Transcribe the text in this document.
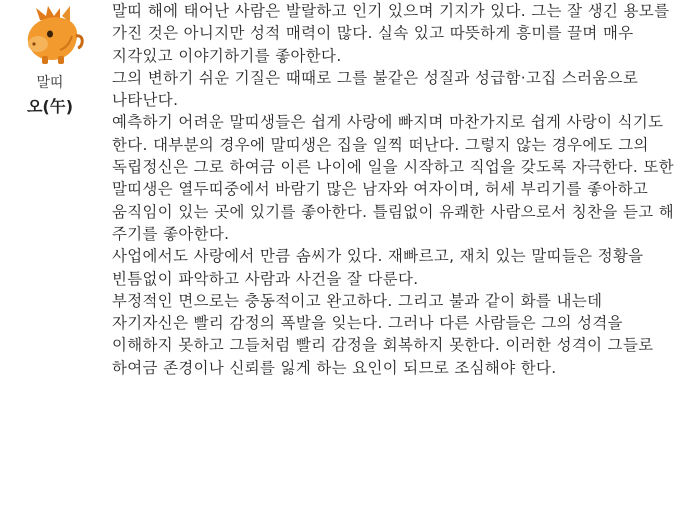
말띠
오(午)

말띠 해에 태어난 사람은 발랄하고 인기 있으며 기지가 있다. 그는 잘 생긴 용모를 가진 것은 아니지만 성적 매력이 많다. 실속 있고 따뜻하게 흥미를 끌며 매우 지각있고 이야기하기를 좋아한다.

그의 변하기 쉬운 기질은 때때로 그를 불같은 성질과 성급함·고집 스러움으로 나타난다.

예측하기 어려운 말띠생들은 쉽게 사랑에 빠지며 마찬가지로 쉽게 사랑이 식기도 한다. 대부분의 경우에 말띠생은 집을 일찍 떠난다. 그렇지 않는 경우에도 그의 독립정신은 그로 하여금 이른 나이에 일을 시작하고 직업을 갖도록 자극한다. 또한 말띠생은 열두띠중에서 바람기 많은 남자와 여자이며, 허세 부리기를 좋아하고 움직임이 있는 곳에 있기를 좋아한다. 틀림없이 유쾌한 사람으로서 칭찬을 듣고 해 주기를 좋아한다.

사업에서도 사랑에서 만큼 솜씨가 있다. 재빠르고, 재치 있는 말띠들은 정황을 빈틈없이 파악하고 사람과 사건을 잘 다룬다.

부정적인 면으로는 충동적이고 완고하다. 그리고 불과 같이 화를 내는데 자기자신은 빨리 감정의 폭발을 잊는다. 그러나 다른 사람들은 그의 성격을 이해하지 못하고 그들처럼 빨리 감정을 회복하지 못한다. 이러한 성격이 그들로 하여금 존경이나 신뢰를 잃게 하는 요인이 되므로 조심해야 한다.
